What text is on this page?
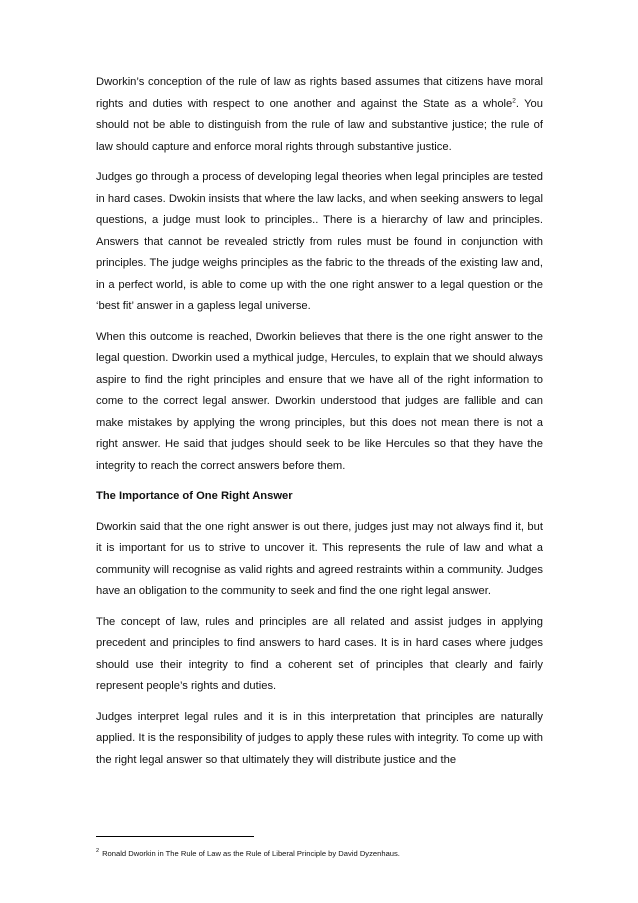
Dworkin’s conception of the rule of law as rights based assumes that citizens have moral rights and duties with respect to one another and against the State as a whole$^2$. You should not be able to distinguish from the rule of law and substantive justice; the rule of law should capture and enforce moral rights through substantive justice.

Judges go through a process of developing legal theories when legal principles are tested in hard cases. Dwokin insists that where the law lacks, and when seeking answers to legal questions, a judge must look to principles.. There is a hierarchy of law and principles. Answers that cannot be revealed strictly from rules must be found in conjunction with principles. The judge weighs principles as the fabric to the threads of the existing law and, in a perfect world, is able to come up with the one right answer to a legal question or the ‘best fit’ answer in a gapless legal universe.

When this outcome is reached, Dworkin believes that there is the one right answer to the legal question. Dworkin used a mythical judge, Hercules, to explain that we should always aspire to find the right principles and ensure that we have all of the right information to come to the correct legal answer. Dworkin understood that judges are fallible and can make mistakes by applying the wrong principles, but this does not mean there is not a right answer. He said that judges should seek to be like Hercules so that they have the integrity to reach the correct answers before them.

The Importance of One Right Answer

Dworkin said that the one right answer is out there, judges just may not always find it, but it is important for us to strive to uncover it. This represents the rule of law and what a community will recognise as valid rights and agreed restraints within a community. Judges have an obligation to the community to seek and find the one right legal answer.

The concept of law, rules and principles are all related and assist judges in applying precedent and principles to find answers to hard cases. It is in hard cases where judges should use their integrity to find a coherent set of principles that clearly and fairly represent people’s rights and duties.

Judges interpret legal rules and it is in this interpretation that principles are naturally applied. It is the responsibility of judges to apply these rules with integrity. To come up with the right legal answer so that ultimately they will distribute justice and the

$^2$ Ronald Dworkin in The Rule of Law as the Rule of Liberal Principle by David Dyzenhaus.
